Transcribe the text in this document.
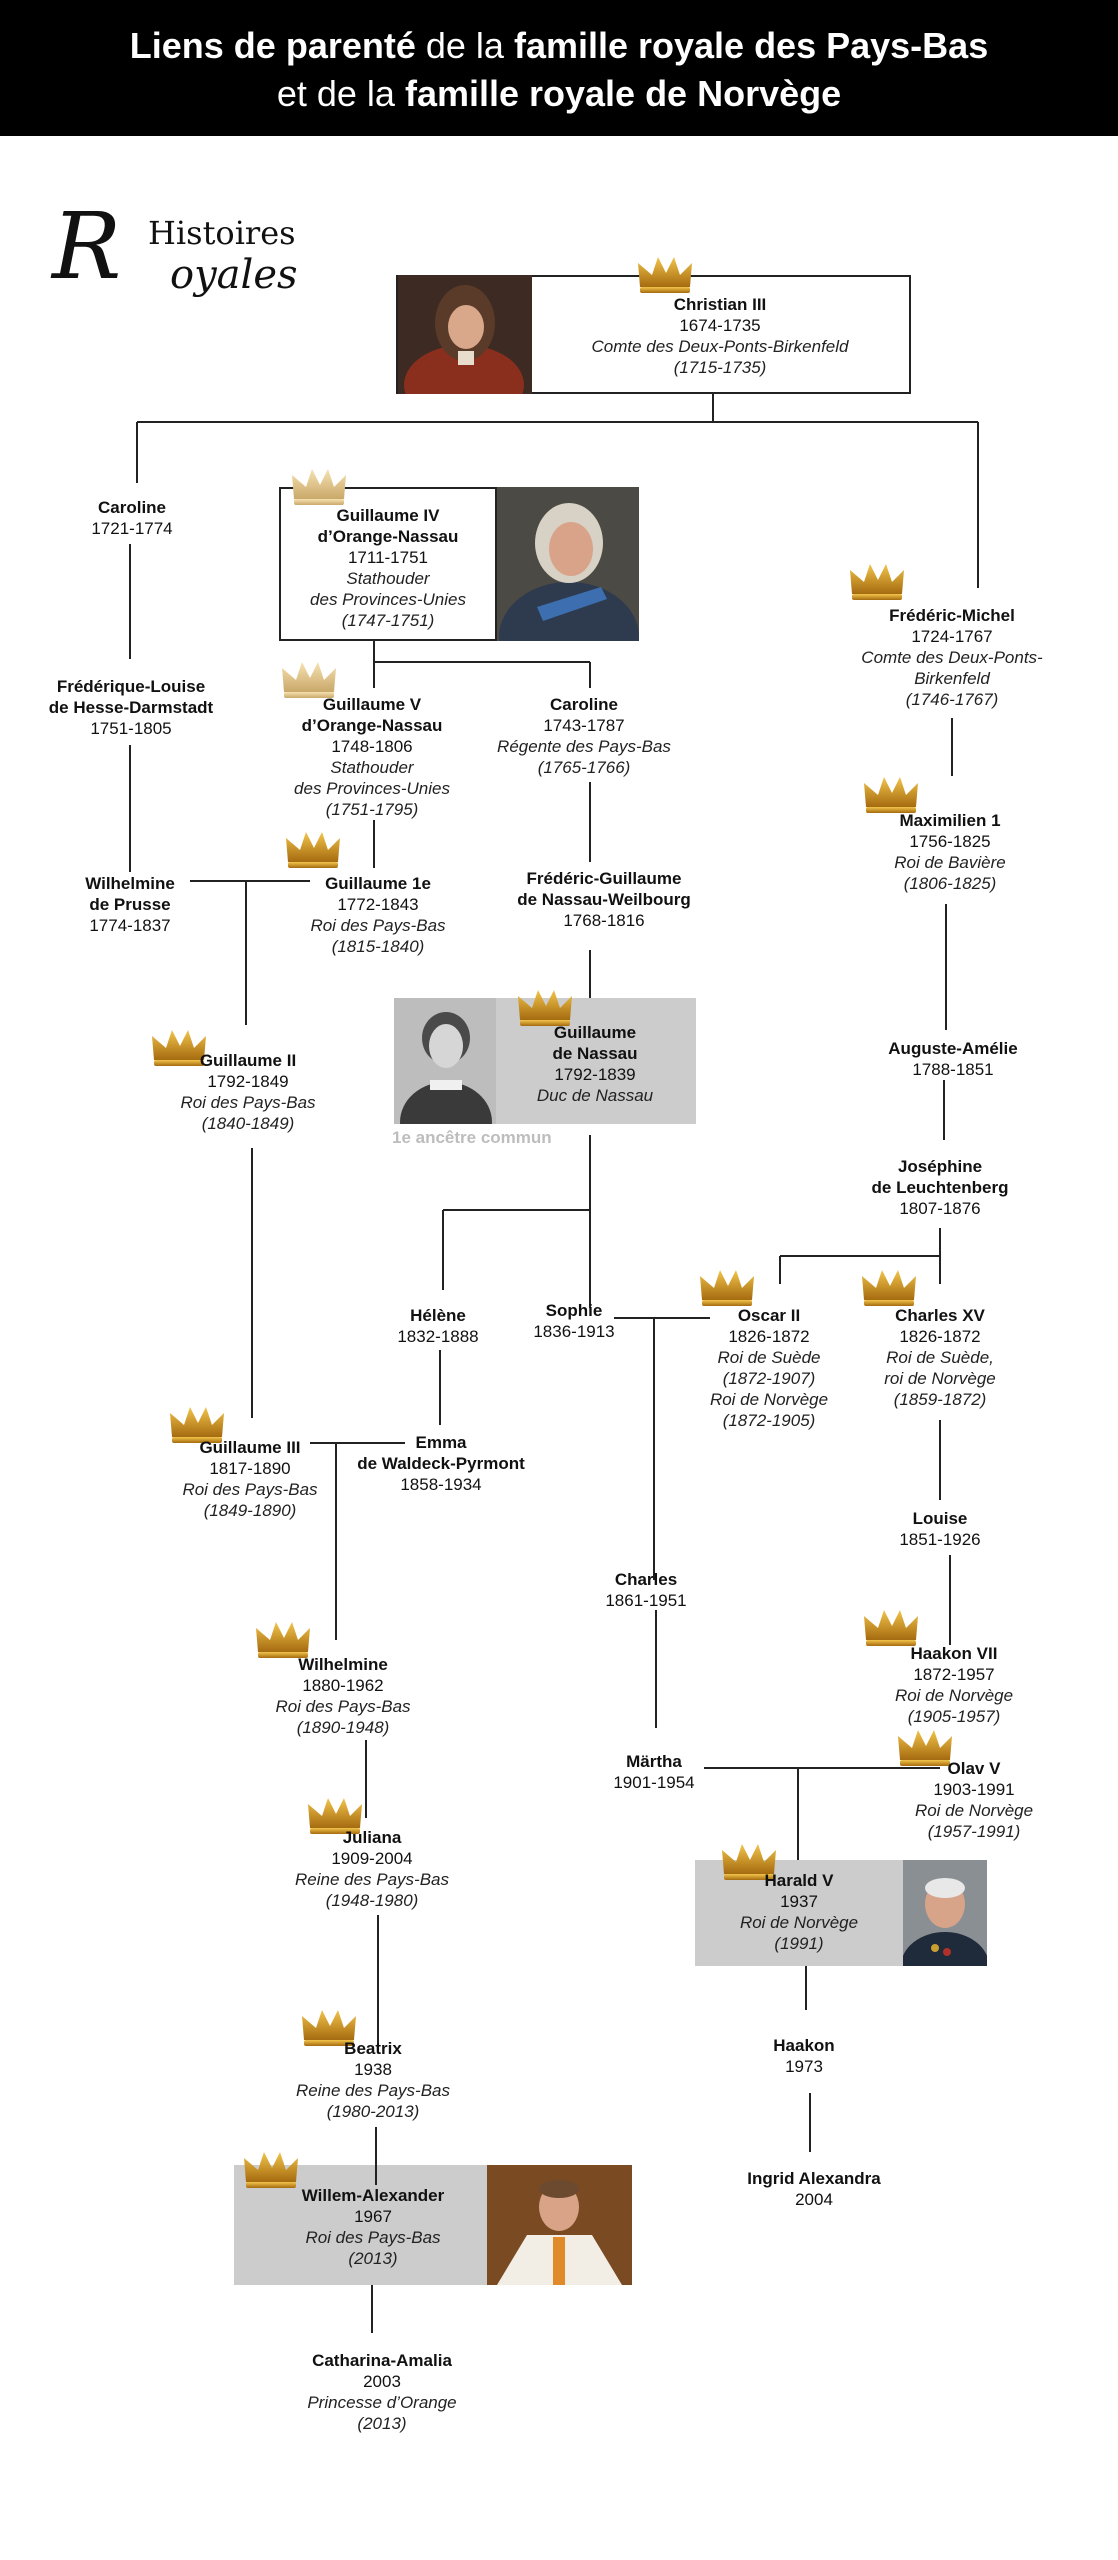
Liens de parenté de la famille royale des Pays-Bas
et de la famille royale de Norvège
R Histoires
oyales
1e ancêtre commun
Christian III
1674-1735
Comte des Deux-Ponts-Birkenfeld
(1715-1735)
Caroline
1721-1774
Guillaume IV
d’Orange-Nassau
1711-1751
Stathouder
des Provinces-Unies
(1747-1751)	Frédéric-Michel
1724-1767
Comte des Deux-Ponts-
Birkenfeld
(1746-1767)
Frédérique-Louise
de Hesse-Darmstadt
1751-1805
Guillaume V
d’Orange-Nassau
1748-1806
Stathouder
des Provinces-Unies
(1751-1795)
Caroline
1743-1787
Régente des Pays-Bas
(1765-1766)
Maximilien 1
1756-1825
Roi de Bavière
(1806-1825)
Wilhelmine
de Prusse
1774-1837
Guillaume 1e
1772-1843
Roi des Pays-Bas
(1815-1840)
Frédéric-Guillaume
de Nassau-Weilbourg
1768-1816
Guillaume II
1792-1849
Roi des Pays-Bas
(1840-1849)
Guillaume
de Nassau
1792-1839
Duc de Nassau
Auguste-Amélie
1788-1851
Joséphine
de Leuchtenberg
1807-1876
Hélène
1832-1888
Sophie
1836-1913
Oscar II
1826-1872
Roi de Suède
(1872-1907)
Roi de Norvège
(1872-1905)
Charles XV
1826-1872
Roi de Suède,
roi de Norvège
(1859-1872)
Guillaume III
1817-1890
Roi des Pays-Bas
(1849-1890)
Emma
de Waldeck-Pyrmont
1858-1934
Louise
1851-1926
Charles
1861-1951
Wilhelmine
1880-1962
Roi des Pays-Bas
(1890-1948)
Haakon VII
1872-1957
Roi de Norvège
(1905-1957)
Märtha
1901-1954
Olav V
1903-1991
Roi de Norvège
(1957-1991)
Juliana
1909-2004
Reine des Pays-Bas
(1948-1980)
Harald V
1937
Roi de Norvège
(1991)
Haakon
1973
Beatrix
1938
Reine des Pays-Bas
(1980-2013)
Ingrid Alexandra
2004
Willem-Alexander
1967
Roi des Pays-Bas
(2013)
Catharina-Amalia
2003
Princesse d’Orange
(2013)
